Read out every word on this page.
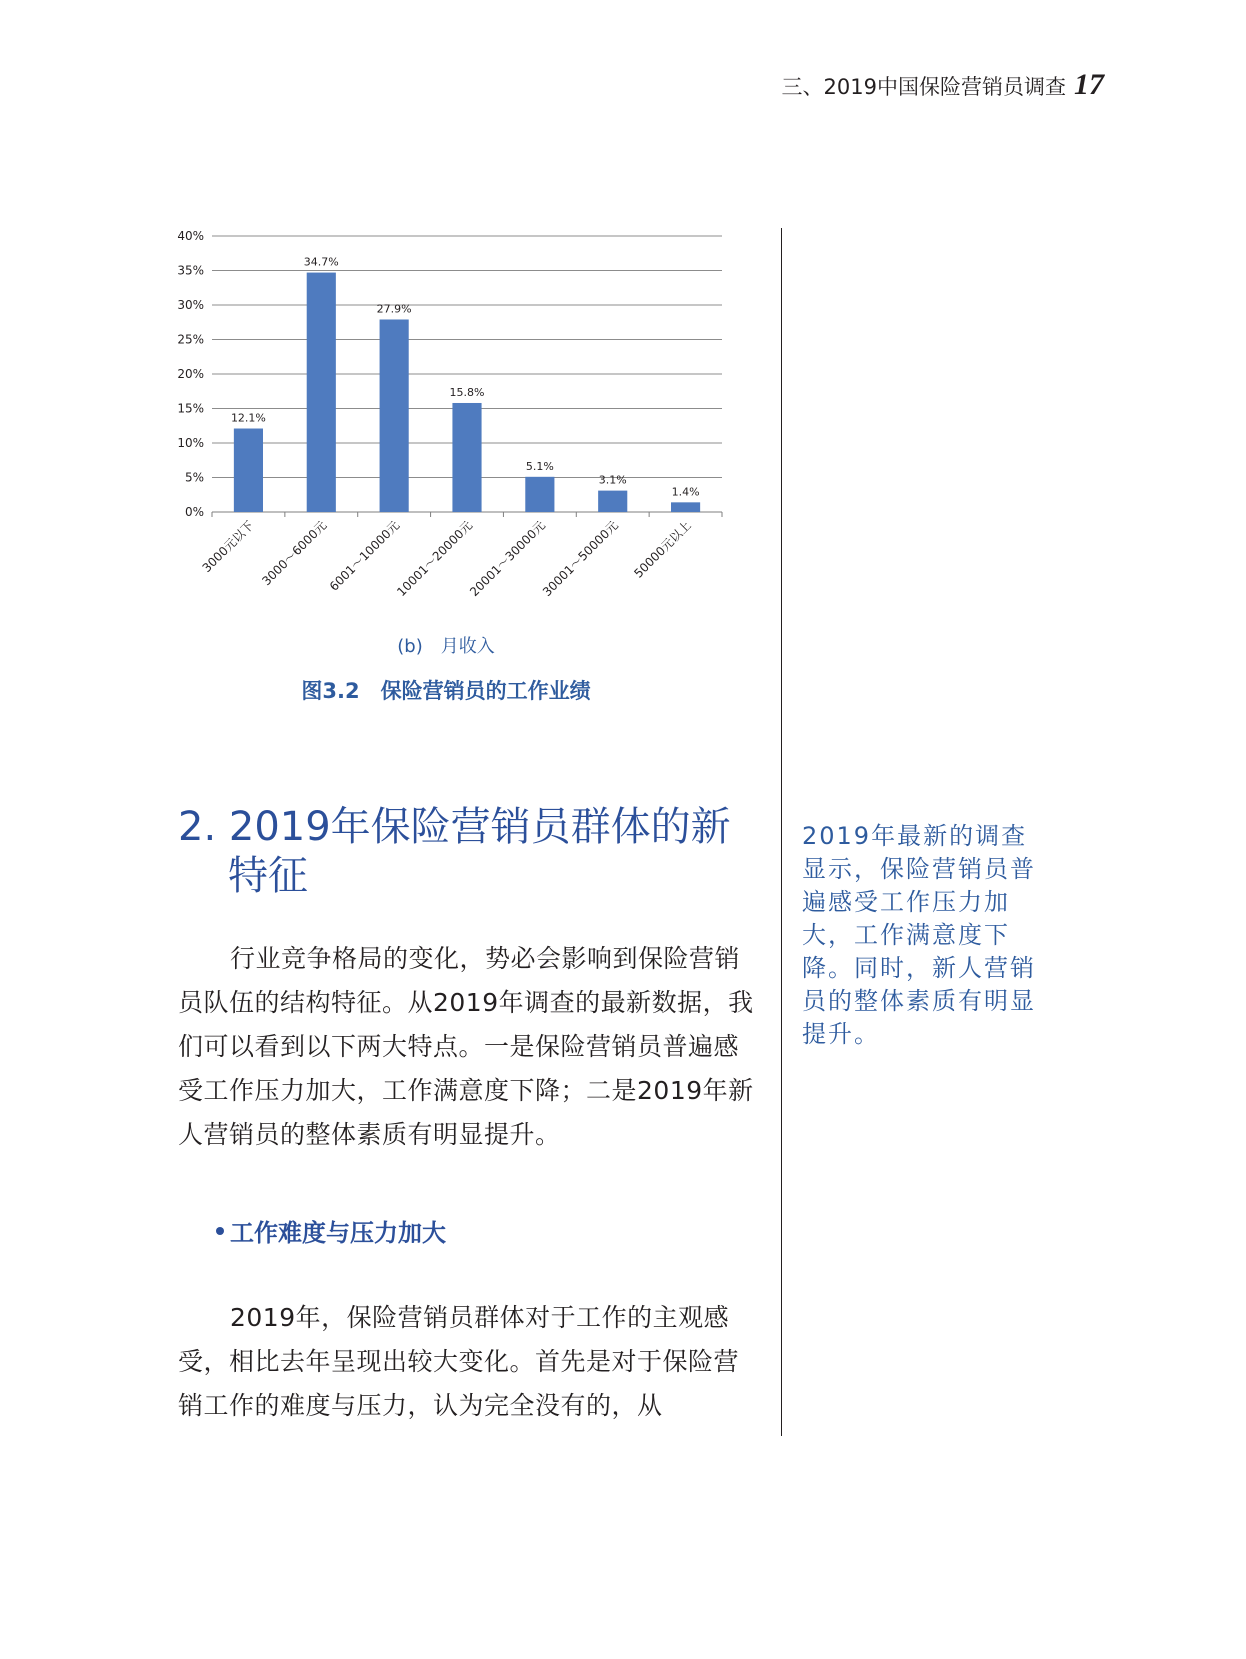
三、2019中国保险营销员调查 17
0%
5%
10%
15%
20%
25%
30%
35%
40%
12.1%
3000元以下
34.7%
3000～6000元
27.9%
6001～10000元
15.8%
10001～20000元
5.1%
20001～30000元
3.1%
30001～50000元
1.4%
50000元以上
(b)　月收入
图3.2　保险营销员的工作业绩
2. 2019年保险营销员群体的新
特征
行业竞争格局的变化，势必会影响到保险营销员队伍的结构特征。从2019年调查的最新数据，我们可以看到以下两大特点。一是保险营销员普遍感受工作压力加大，工作满意度下降；二是2019年新人营销员的整体素质有明显提升。
工作难度与压力加大
2019年，保险营销员群体对于工作的主观感受，相比去年呈现出较大变化。首先是对于保险营销工作的难度与压力，认为完全没有的，从
2019年最新的调查显示，保险营销员普遍感受工作压力加大，工作满意度下降。同时，新人营销员的整体素质有明显提升。
